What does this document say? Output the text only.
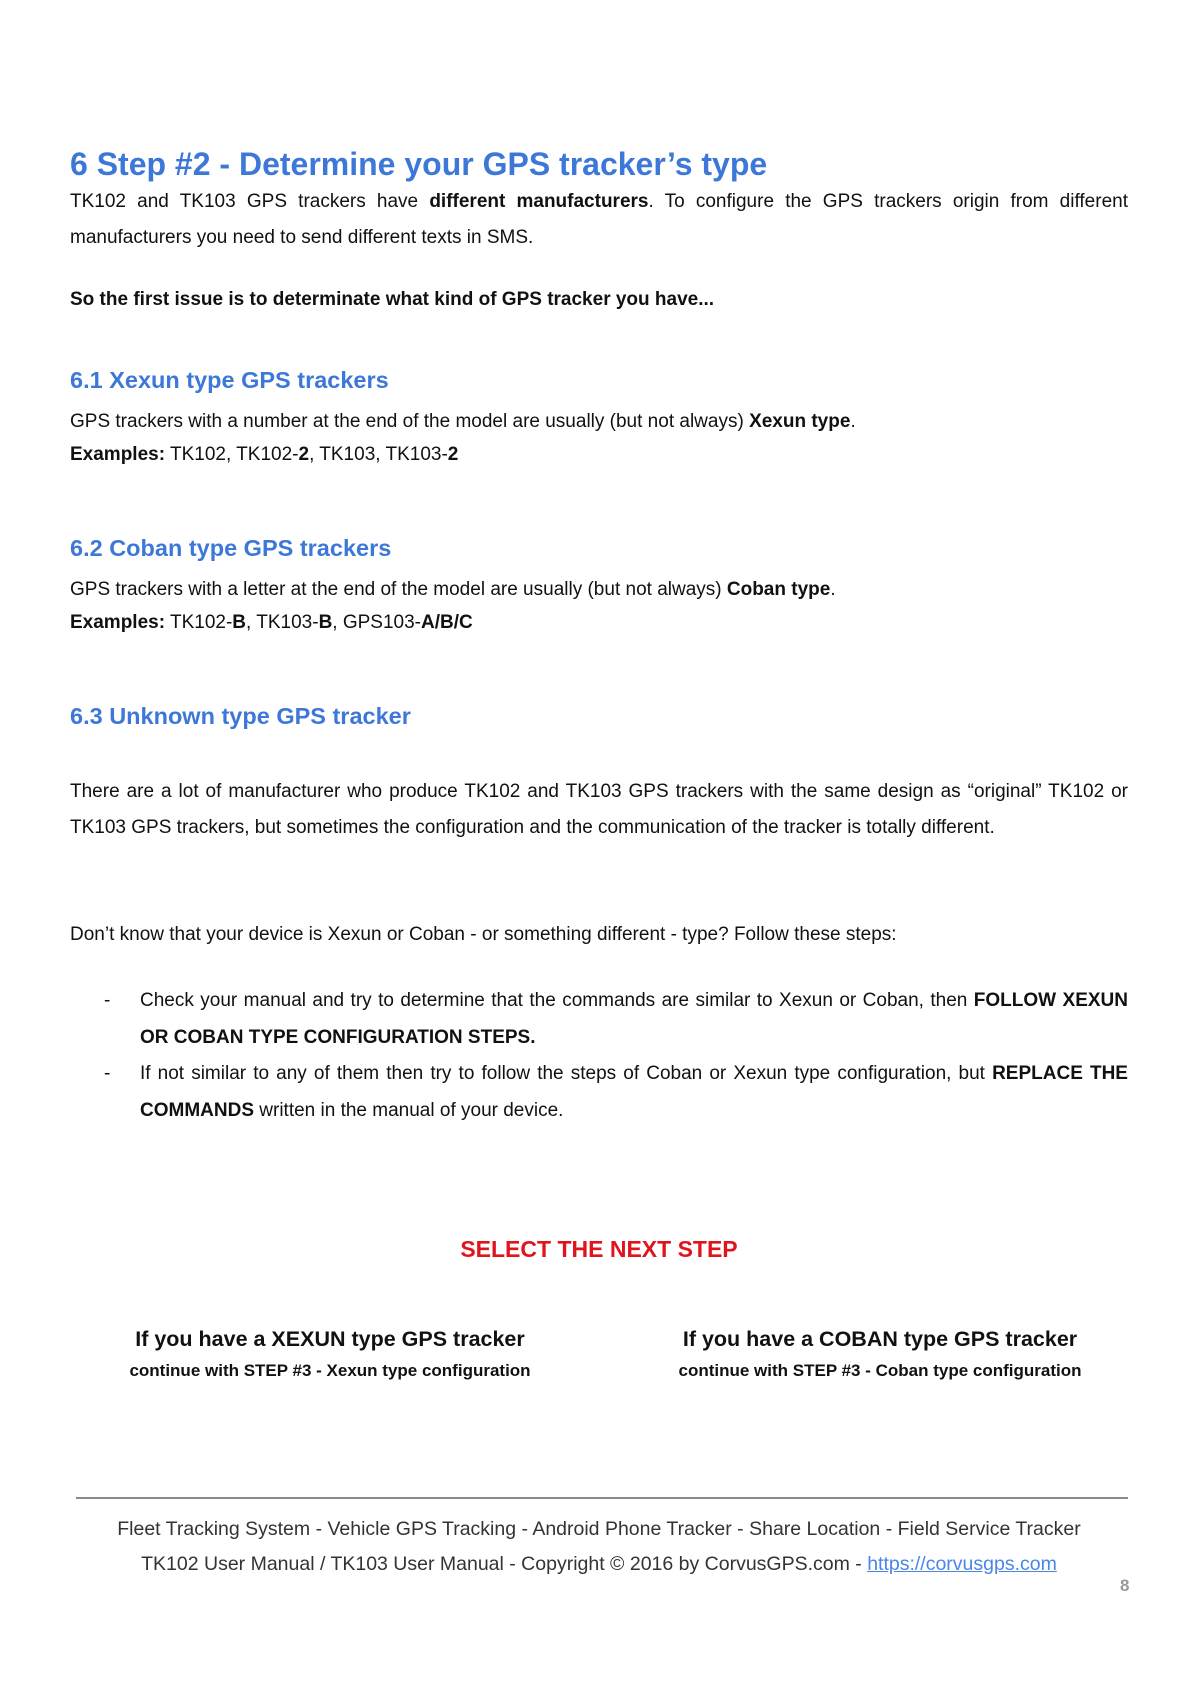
6 Step #2 - Determine your GPS tracker’s type

TK102 and TK103 GPS trackers have different manufacturers. To configure the GPS trackers origin from different manufacturers you need to send different texts in SMS.

So the first issue is to determinate what kind of GPS tracker you have...

6.1 Xexun type GPS trackers

GPS trackers with a number at the end of the model are usually (but not always) Xexun type.

Examples: TK102, TK102-2, TK103, TK103-2

6.2 Coban type GPS trackers

GPS trackers with a letter at the end of the model are usually (but not always) Coban type.

Examples: TK102-B, TK103-B, GPS103-A/B/C

6.3 Unknown type GPS tracker

There are a lot of manufacturer who produce TK102 and TK103 GPS trackers with the same design as “original” TK102 or TK103 GPS trackers, but sometimes the configuration and the communication of the tracker is totally different.

Don’t know that your device is Xexun or Coban - or something different - type? Follow these steps:

- Check your manual and try to determine that the commands are similar to Xexun or Coban, then FOLLOW XEXUN OR COBAN TYPE CONFIGURATION STEPS.
- If not similar to any of them then try to follow the steps of Coban or Xexun type configuration, but REPLACE THE COMMANDS written in the manual of your device.

SELECT THE NEXT STEP

If you have a XEXUN type GPS tracker
continue with STEP #3 - Xexun type configuration
If you have a COBAN type GPS tracker
continue with STEP #3 - Coban type configuration
Fleet Tracking System - Vehicle GPS Tracking - Android Phone Tracker - Share Location - Field Service Tracker
TK102 User Manual / TK103 User Manual - Copyright © 2016 by CorvusGPS.com - https://corvusgps.com
8
